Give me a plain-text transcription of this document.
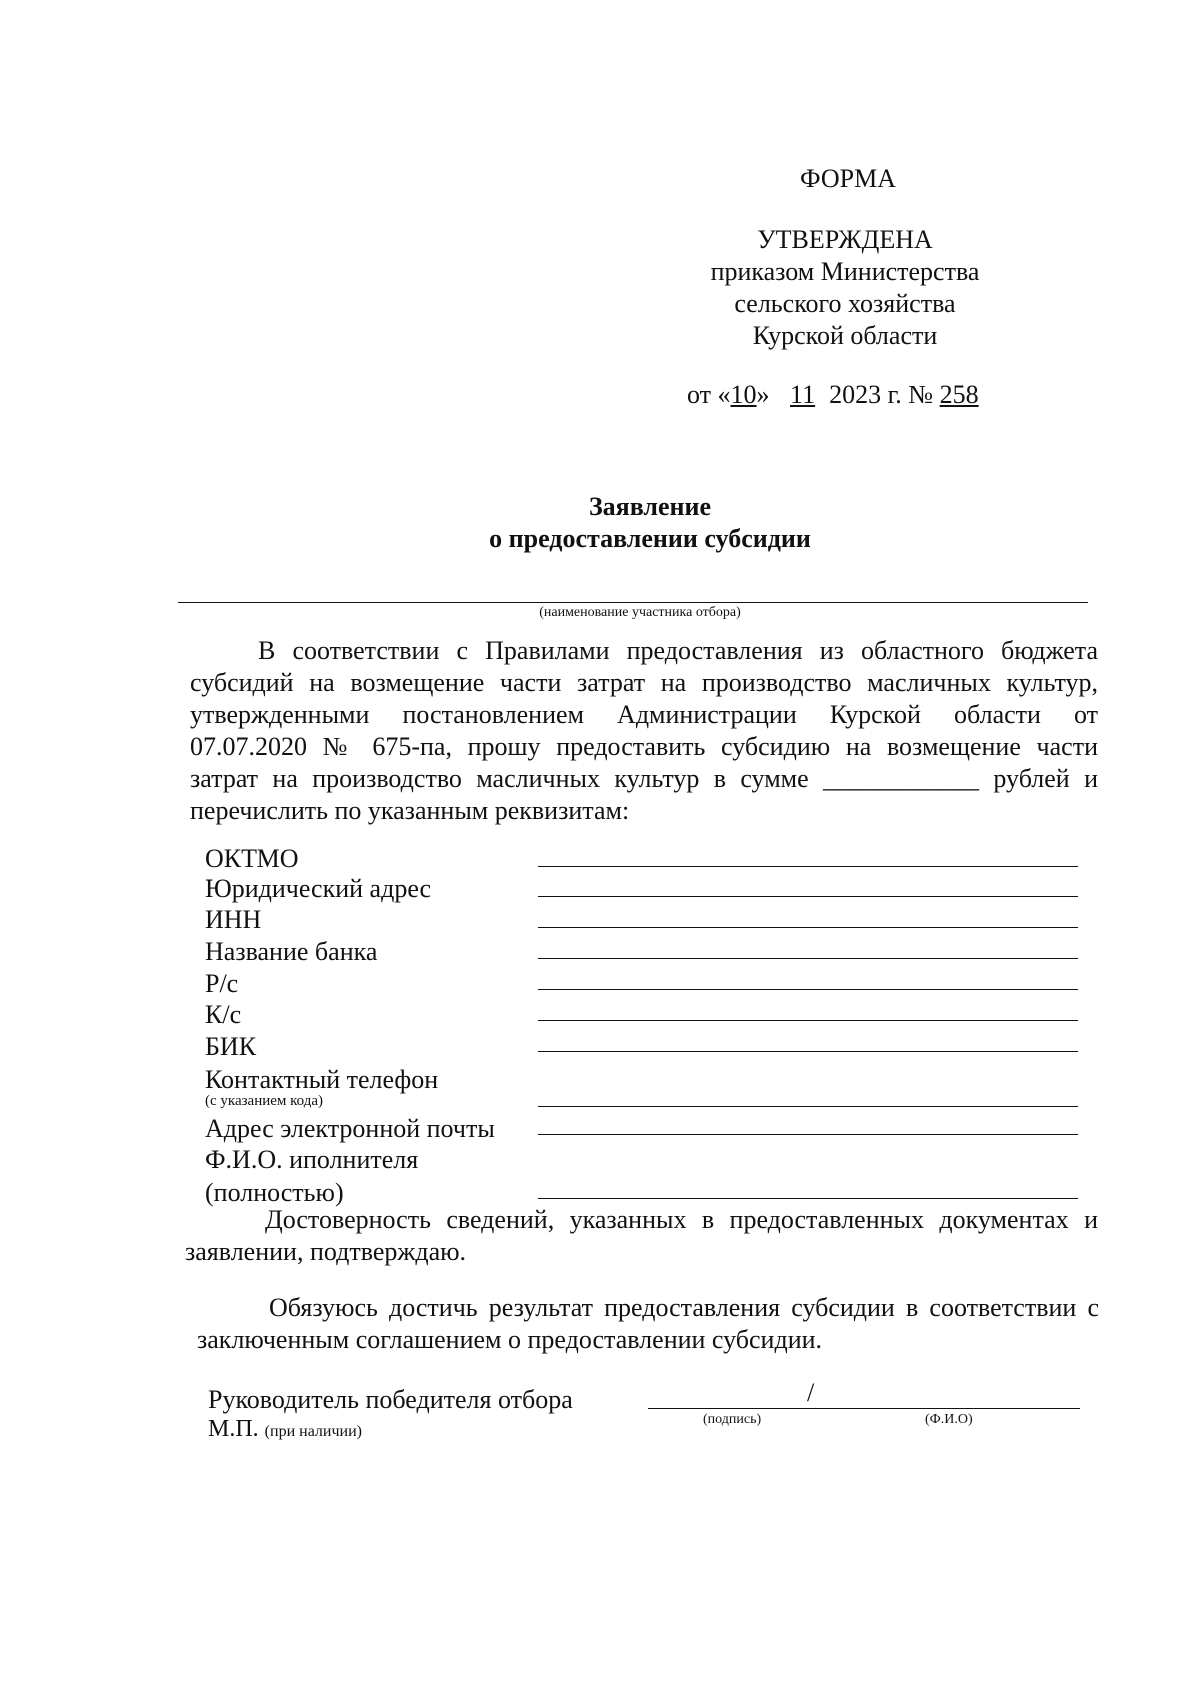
ФОРМА
УТВЕРЖДЕНА
приказом Министерства
сельского хозяйства
Курской области
от «10» 11 2023 г. № 258
Заявление
о предоставлении субсидии
(наименование участника отбора)
В соответствии с Правилами предоставления из областного бюджета
субсидий на возмещение части затрат на производство масличных культур,
утвержденными постановлением Администрации Курской области от
07.07.2020 № 675-па, прошу предоставить субсидию на возмещение части
затрат на производство масличных культур в сумме ____________ рублей и
перечислить по указанным реквизитам:
ОКТМО
Юридический адрес
ИНН
Название банка
Р/с
К/с
БИК
Контактный телефон
(с указанием кода)
Адрес электронной почты
Ф.И.О. иполнителя
(полностью)
Достоверность сведений, указанных в предоставленных документах и
заявлении, подтверждаю.
Обязуюсь достичь результат предоставления субсидии в соответствии с
заключенным соглашением о предоставлении субсидии.
Руководитель победителя отбора	/
(подпись)	(Ф.И.О)
М.П. (при наличии)
